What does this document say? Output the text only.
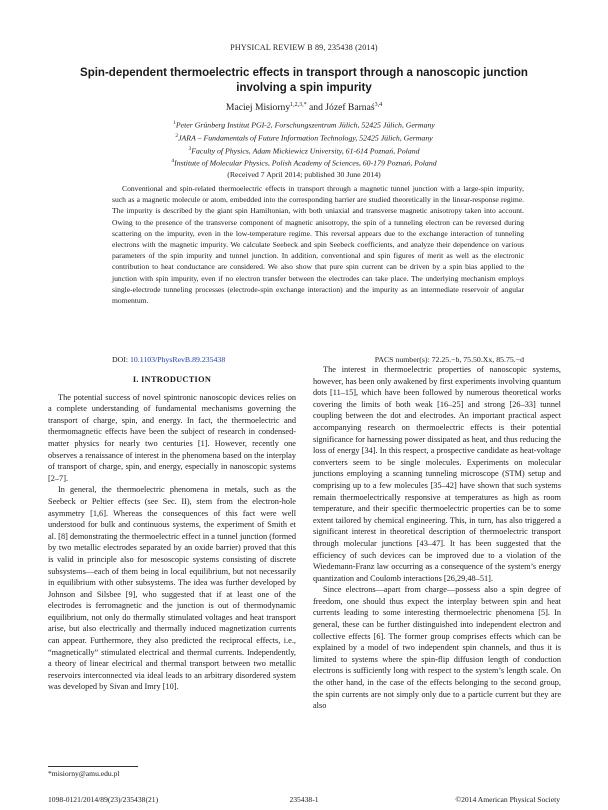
PHYSICAL REVIEW B 89, 235438 (2014)
Spin-dependent thermoelectric effects in transport through a nanoscopic junction involving a spin impurity
Maciej Misiorny$^{1,2,3,*}$ and Józef Barnaś$^{3,4}$
$^1$Peter Grünberg Institut PGI-2, Forschungszentrum Jülich, 52425 Jülich, Germany
$^2$JARA – Fundamentals of Future Information Technology, 52425 Jülich, Germany
$^3$Faculty of Physics, Adam Mickiewicz University, 61-614 Poznań, Poland
$^4$Institute of Molecular Physics, Polish Academy of Sciences, 60-179 Poznań, Poland
(Received 7 April 2014; published 30 June 2014)
Conventional and spin-related thermoelectric effects in transport through a magnetic tunnel junction with a large-spin impurity, such as a magnetic molecule or atom, embedded into the corresponding barrier are studied theoretically in the linear-response regime. The impurity is described by the giant spin Hamiltonian, with both uniaxial and transverse magnetic anisotropy taken into account. Owing to the presence of the transverse component of magnetic anisotropy, the spin of a tunneling electron can be reversed during scattering on the impurity, even in the low-temperature regime. This reversal appears due to the exchange interaction of tunneling electrons with the magnetic impurity. We calculate Seebeck and spin Seebeck coefficients, and analyze their dependence on various parameters of the spin impurity and tunnel junction. In addition, conventional and spin figures of merit as well as the electronic contribution to heat conductance are considered. We also show that pure spin current can be driven by a spin bias applied to the junction with spin impurity, even if no electron transfer between the electrodes can take place. The underlying mechanism employs single-electrode tunneling processes (electrode-spin exchange interaction) and the impurity as an intermediate reservoir of angular momentum.
DOI: 10.1103/PhysRevB.89.235438	PACS number(s): 72.25.−b, 75.50.Xx, 85.75.−d
I. INTRODUCTION

The potential success of novel spintronic nanoscopic devices relies on a complete understanding of fundamental mechanisms governing the transport of charge, spin, and energy. In fact, the thermoelectric and thermomagnetic effects have been the subject of research in condensed-matter physics for nearly two centuries [1]. However, recently one observes a renaissance of interest in the phenomena based on the interplay of transport of charge, spin, and energy, especially in nanoscopic systems [2–7].

In general, the thermoelectric phenomena in metals, such as the Seebeck or Peltier effects (see Sec. II), stem from the electron-hole asymmetry [1,6]. Whereas the consequences of this fact were well understood for bulk and continuous systems, the experiment of Smith et al. [8] demonstrating the thermoelectric effect in a tunnel junction (formed by two metallic electrodes separated by an oxide barrier) proved that this is valid in principle also for mesoscopic systems consisting of discrete subsystems—each of them being in local equilibrium, but not necessarily in equilibrium with other subsystems. The idea was further developed by Johnson and Silsbee [9], who suggested that if at least one of the electrodes is ferromagnetic and the junction is out of thermodynamic equilibrium, not only do thermally stimulated voltages and heat transport arise, but also electrically and thermally induced magnetization currents can appear. Furthermore, they also predicted the reciprocal effects, i.e., “magnetically” stimulated electrical and thermal currents. Independently, a theory of linear electrical and thermal transport between two metallic reservoirs interconnected via ideal leads to an arbitrary disordered system was developed by Sivan and Imry [10].

The interest in thermoelectric properties of nanoscopic systems, however, has been only awakened by first experiments involving quantum dots [11–15], which have been followed by numerous theoretical works covering the limits of both weak [16–25] and strong [26–33] tunnel coupling between the dot and electrodes. An important practical aspect accompanying research on thermoelectric effects is their potential significance for harnessing power dissipated as heat, and thus reducing the loss of energy [34]. In this respect, a prospective candidate as heat-voltage converters seem to be single molecules. Experiments on molecular junctions employing a scanning tunneling microscope (STM) setup and comprising up to a few molecules [35–42] have shown that such systems remain thermoelectrically responsive at temperatures as high as room temperature, and their specific thermoelectric properties can be to some extent tailored by chemical engineering. This, in turn, has also triggered a significant interest in theoretical description of thermoelectric transport through molecular junctions [43–47]. It has been suggested that the efficiency of such devices can be improved due to a violation of the Wiedemann-Franz law occurring as a consequence of the system’s energy quantization and Coulomb interactions [26,29,48–51].

Since electrons—apart from charge—possess also a spin degree of freedom, one should thus expect the interplay between spin and heat currents leading to some interesting thermoelectric phenomena [5]. In general, these can be further distinguished into independent electron and collective effects [6]. The former group comprises effects which can be explained by a model of two independent spin channels, and thus it is limited to systems where the spin-flip diffusion length of conduction electrons is sufficiently long with respect to the system’s length scale. On the other hand, in the case of the effects belonging to the second group, the spin currents are not simply only due to a particle current but they are also

*misiorny@amu.edu.pl
1098-0121/2014/89(23)/235438(21)	235438-1	©2014 American Physical Society
